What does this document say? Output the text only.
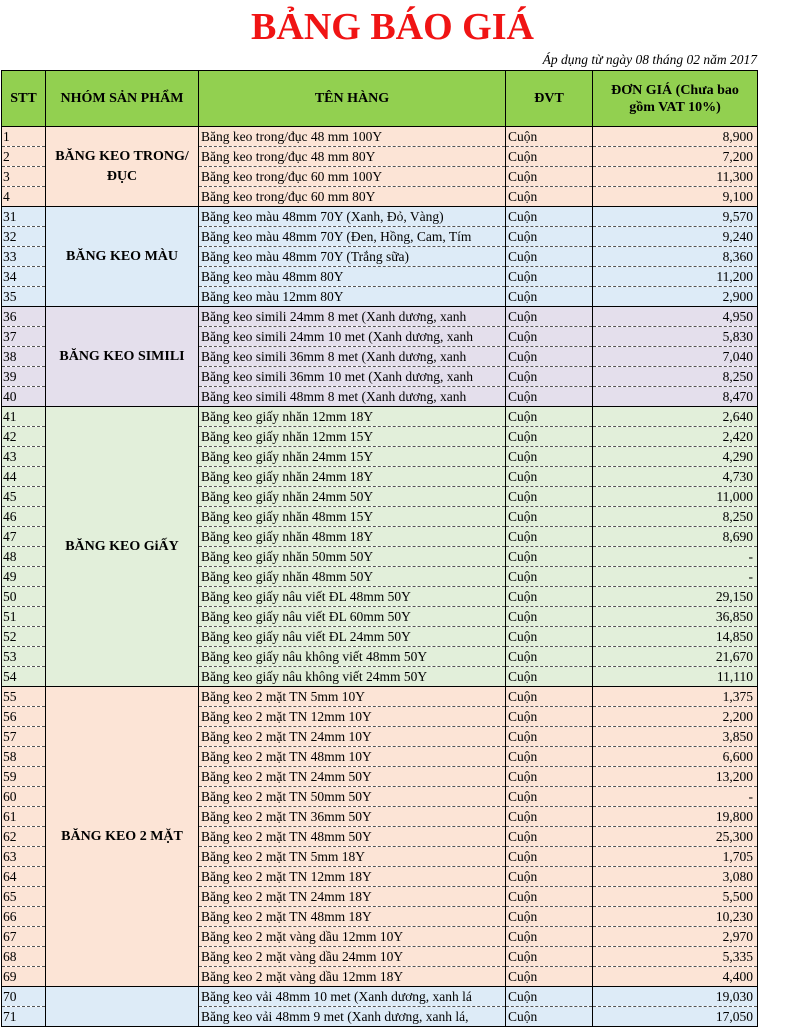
BẢNG BÁO GIÁ
Áp dụng từ ngày 08 tháng 02 năm 2017
STT	NHÓM SẢN PHẨM	TÊN HÀNG	ĐVT	ĐƠN GIÁ (Chưa bao gồm VAT 10%)
1	BĂNG KEO TRONG/ ĐỤC	Băng keo trong/đục 48 mm 100Y	Cuộn	8,900
2		Băng keo trong/đục 48 mm 80Y	Cuộn	7,200
3		Băng keo trong/đục 60 mm 100Y	Cuộn	11,300
4		Băng keo trong/đục 60 mm 80Y	Cuộn	9,100
31	BĂNG KEO MÀU	Băng keo màu 48mm 70Y (Xanh, Đỏ, Vàng)	Cuộn	9,570
32		Băng keo màu 48mm 70Y (Đen, Hồng, Cam, Tím	Cuộn	9,240
33		Băng keo màu 48mm 70Y (Trắng sữa)	Cuộn	8,360
34		Băng keo màu 48mm 80Y	Cuộn	11,200
35		Băng keo màu 12mm 80Y	Cuộn	2,900
36	BĂNG KEO SIMILI	Băng keo simili 24mm 8 met (Xanh dương, xanh	Cuộn	4,950
37		Băng keo simili 24mm 10 met (Xanh dương, xanh	Cuộn	5,830
38		Băng keo simili 36mm 8 met (Xanh dương, xanh	Cuộn	7,040
39		Băng keo simili 36mm 10 met (Xanh dương, xanh	Cuộn	8,250
40		Băng keo simili 48mm 8 met (Xanh dương, xanh	Cuộn	8,470
41	BĂNG KEO GiẤY	Băng keo giấy nhăn 12mm 18Y	Cuộn	2,640
42		Băng keo giấy nhăn 12mm 15Y	Cuộn	2,420
43		Băng keo giấy nhăn 24mm 15Y	Cuộn	4,290
44		Băng keo giấy nhăn 24mm 18Y	Cuộn	4,730
45		Băng keo giấy nhăn 24mm 50Y	Cuộn	11,000
46		Băng keo giấy nhăn 48mm 15Y	Cuộn	8,250
47		Băng keo giấy nhăn 48mm 18Y	Cuộn	8,690
48		Băng keo giấy nhăn 50mm 50Y	Cuộn	-
49		Băng keo giấy nhăn 48mm 50Y	Cuộn	-
50		Băng keo giấy nâu viết ĐL 48mm 50Y	Cuộn	29,150
51		Băng keo giấy nâu viết ĐL 60mm 50Y	Cuộn	36,850
52		Băng keo giấy nâu viết ĐL 24mm 50Y	Cuộn	14,850
53		Băng keo giấy nâu không viết 48mm 50Y	Cuộn	21,670
54		Băng keo giấy nâu không viết 24mm 50Y	Cuộn	11,110
55	BĂNG KEO 2 MẶT	Băng keo 2 mặt TN 5mm 10Y	Cuộn	1,375
56		Băng keo 2 mặt TN 12mm 10Y	Cuộn	2,200
57		Băng keo 2 mặt TN 24mm 10Y	Cuộn	3,850
58		Băng keo 2 mặt TN 48mm 10Y	Cuộn	6,600
59		Băng keo 2 mặt TN 24mm 50Y	Cuộn	13,200
60		Băng keo 2 mặt TN 50mm 50Y	Cuộn	-
61		Băng keo 2 mặt TN 36mm 50Y	Cuộn	19,800
62		Băng keo 2 mặt TN 48mm 50Y	Cuộn	25,300
63		Băng keo 2 mặt TN 5mm 18Y	Cuộn	1,705
64		Băng keo 2 mặt TN 12mm 18Y	Cuộn	3,080
65		Băng keo 2 mặt TN 24mm 18Y	Cuộn	5,500
66		Băng keo 2 mặt TN 48mm 18Y	Cuộn	10,230
67		Băng keo 2 mặt vàng dầu 12mm 10Y	Cuộn	2,970
68		Băng keo 2 mặt vàng dầu 24mm 10Y	Cuộn	5,335
69		Băng keo 2 mặt vàng dầu 12mm 18Y	Cuộn	4,400
70		Băng keo vải 48mm 10 met (Xanh dương, xanh lá	Cuộn	19,030
71		Băng keo vải 48mm 9 met (Xanh dương, xanh lá,	Cuộn	17,050
